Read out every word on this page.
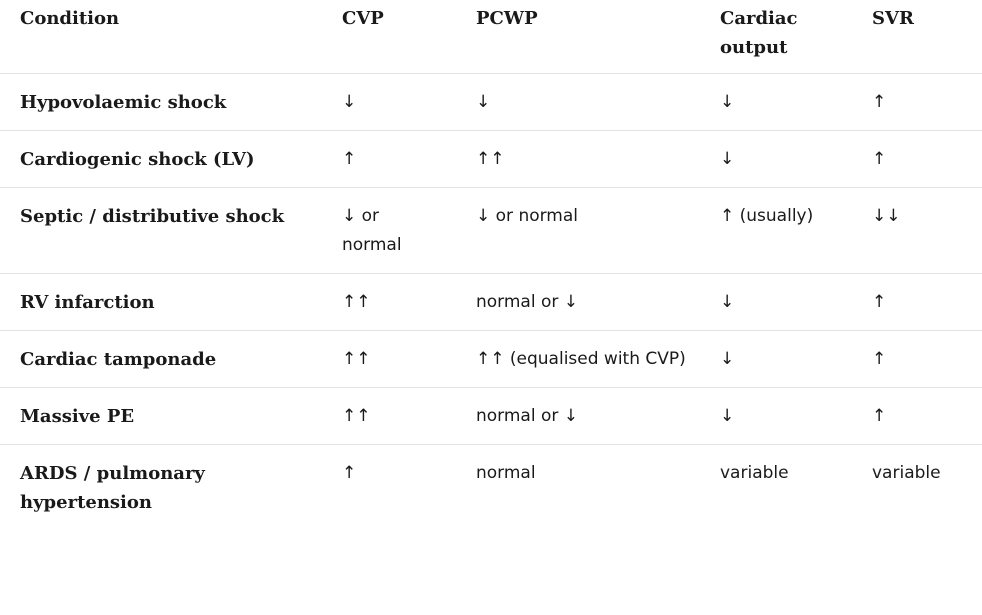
Condition	CVP	PCWP	Cardiac output	SVR
Hypovolaemic shock	↓	↓	↓	↑
Cardiogenic shock (LV)	↑	↑↑	↓	↑
Septic / distributive shock	↓ or normal	↓ or normal	↑ (usually)	↓↓
RV infarction	↑↑	normal or ↓	↓	↑
Cardiac tamponade	↑↑	↑↑ (equalised with CVP)	↓	↑
Massive PE	↑↑	normal or ↓	↓	↑
ARDS / pulmonary hypertension	↑	normal	variable	variable
